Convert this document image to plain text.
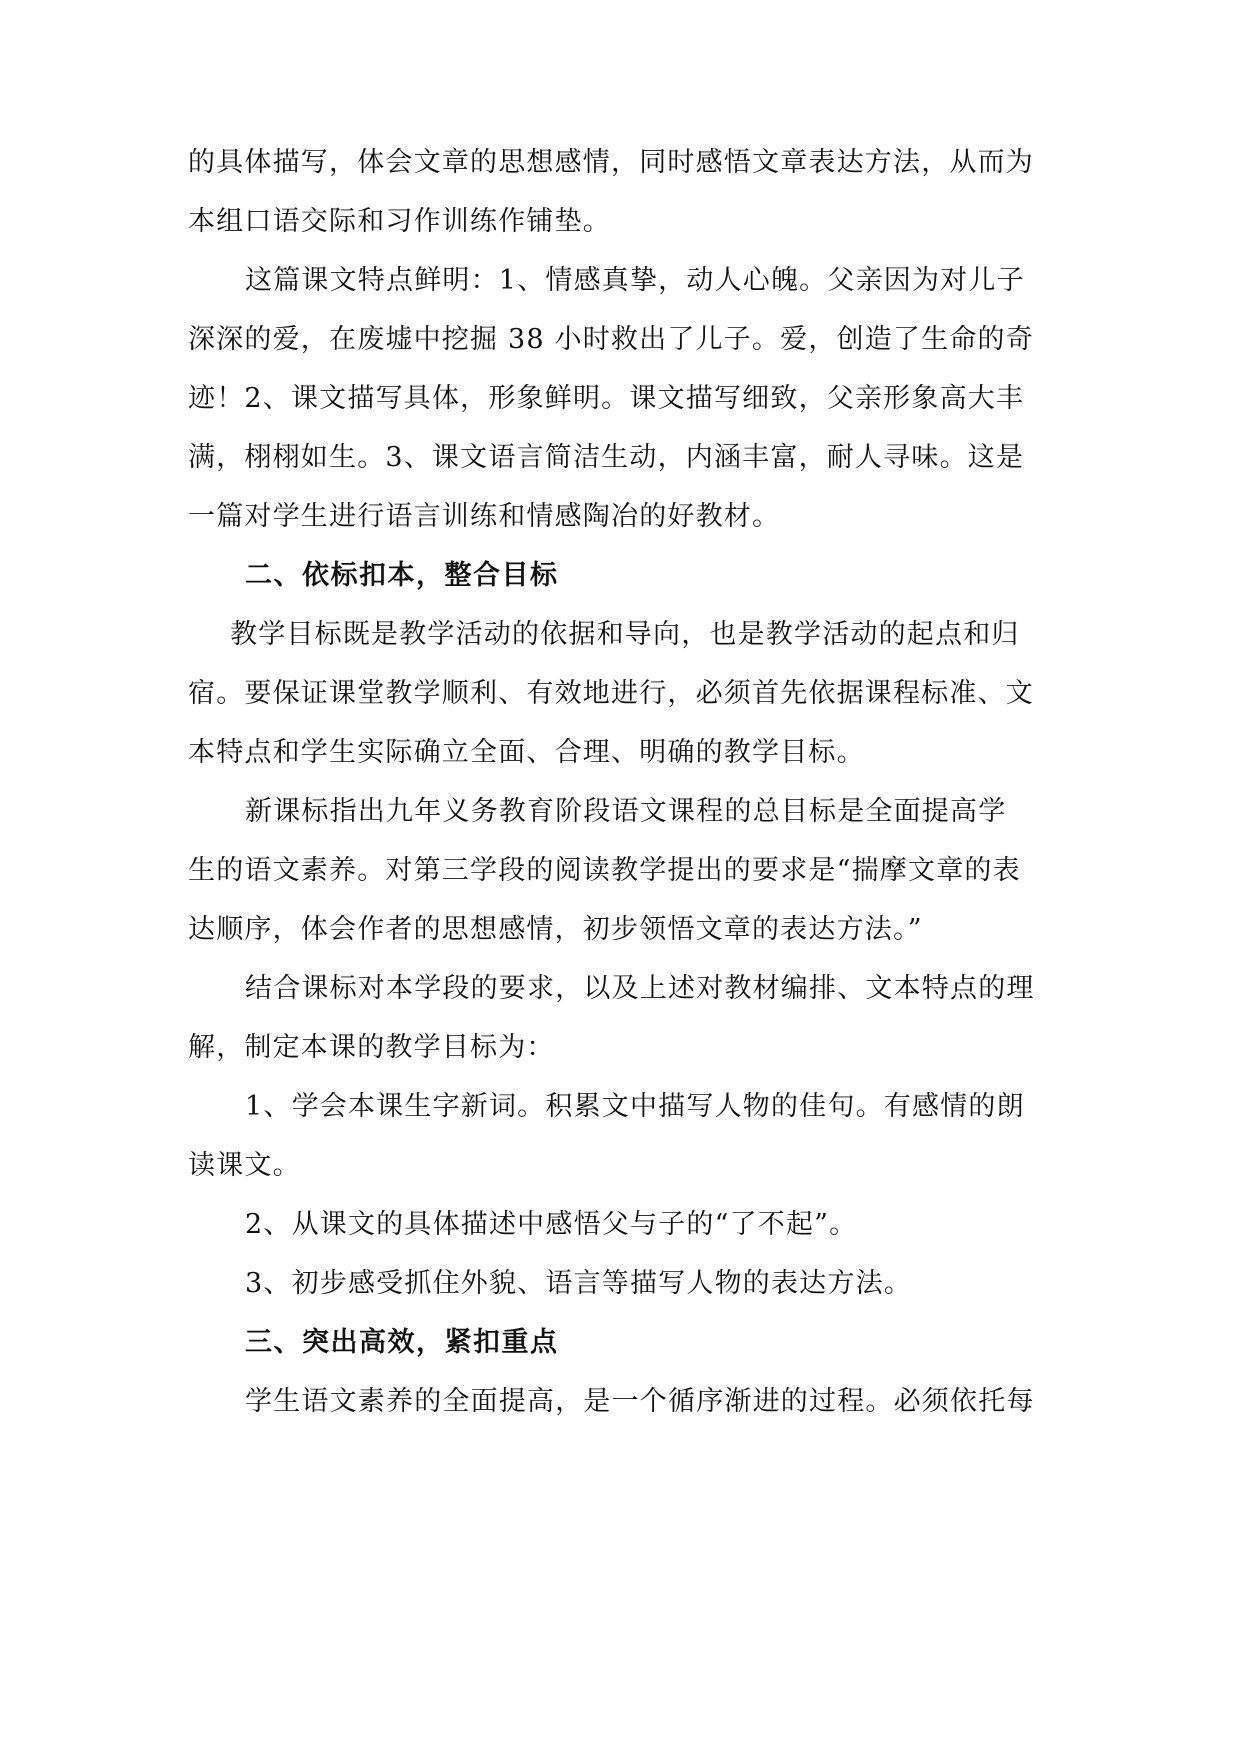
的具体描写，体会文章的思想感情，同时感悟文章表达方法，从而为
本组口语交际和习作训练作铺垫。
这篇课文特点鲜明：1、情感真挚，动人心魄。父亲因为对儿子
深深的爱，在废墟中挖掘 38 小时救出了儿子。爱，创造了生命的奇
迹！2、课文描写具体，形象鲜明。课文描写细致，父亲形象高大丰
满，栩栩如生。3、课文语言简洁生动，内涵丰富，耐人寻味。这是
一篇对学生进行语言训练和情感陶冶的好教材。
二、依标扣本，整合目标
教学目标既是教学活动的依据和导向，也是教学活动的起点和归
宿。要保证课堂教学顺利、有效地进行，必须首先依据课程标准、文
本特点和学生实际确立全面、合理、明确的教学目标。
新课标指出九年义务教育阶段语文课程的总目标是全面提高学
生的语文素养。对第三学段的阅读教学提出的要求是“揣摩文章的表
达顺序，体会作者的思想感情，初步领悟文章的表达方法。”
结合课标对本学段的要求，以及上述对教材编排、文本特点的理
解，制定本课的教学目标为：
1、学会本课生字新词。积累文中描写人物的佳句。有感情的朗
读课文。
2、从课文的具体描述中感悟父与子的“了不起”。
3、初步感受抓住外貌、语言等描写人物的表达方法。
三、突出高效，紧扣重点
学生语文素养的全面提高，是一个循序渐进的过程。必须依托每
